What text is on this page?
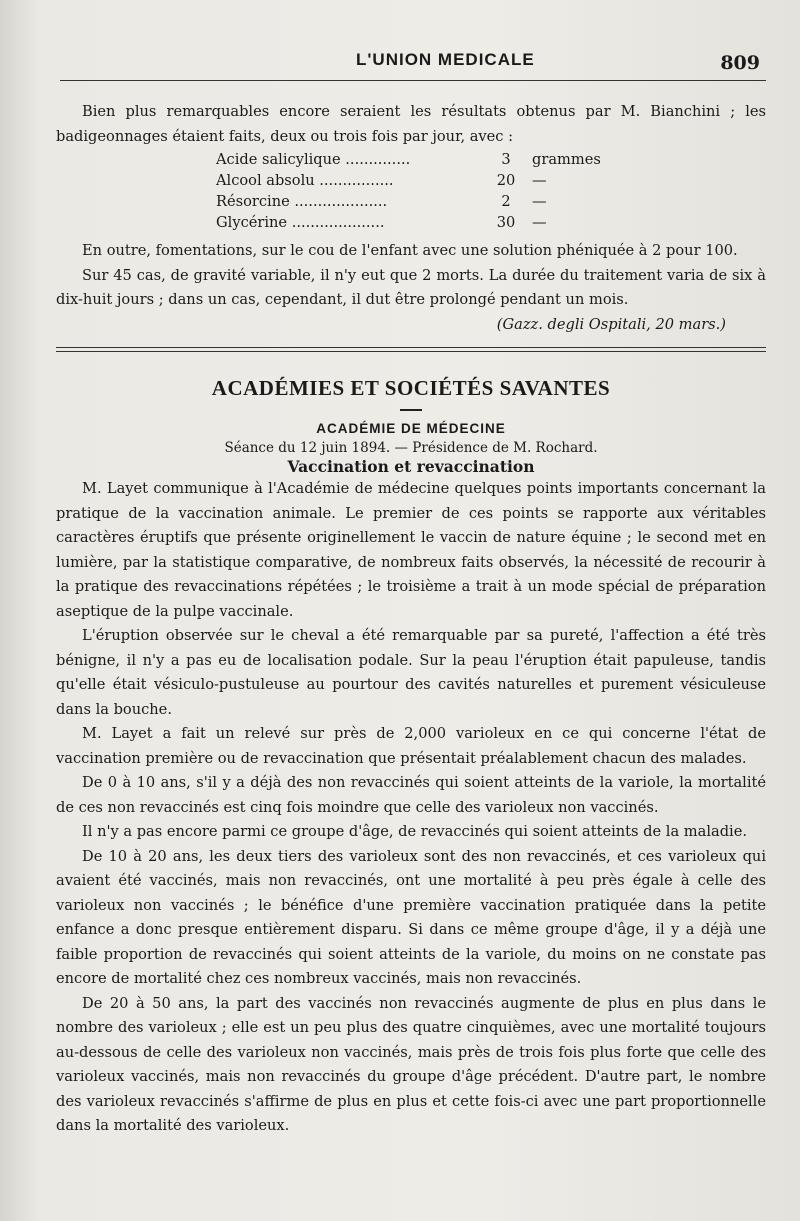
L'UNION MEDICALE	809

Bien plus remarquables encore seraient les résultats obtenus par M. Bianchini ; les badigeonnages étaient faits, deux ou trois fois par jour, avec :

Acide salicylique ..............	3	grammes
Alcool absolu ................	20	—
Résorcine ....................	2	—
Glycérine ....................	30	—

En outre, fomentations, sur le cou de l'enfant avec une solution phéniquée à 2 pour 100.

Sur 45 cas, de gravité variable, il n'y eut que 2 morts. La durée du traitement varia de six à dix-huit jours ; dans un cas, cependant, il dut être prolongé pendant un mois.

(Gazz. degli Ospitali, 20 mars.)

ACADÉMIES ET SOCIÉTÉS SAVANTES
ACADÉMIE DE MÉDECINE
Séance du 12 juin 1894. — Présidence de M. Rochard.
Vaccination et revaccination

M. Layet communique à l'Académie de médecine quelques points importants concernant la pratique de la vaccination animale. Le premier de ces points se rapporte aux véritables caractères éruptifs que présente originellement le vaccin de nature équine ; le second met en lumière, par la statistique comparative, de nombreux faits observés, la nécessité de recourir à la pratique des revaccinations répétées ; le troisième a trait à un mode spécial de préparation aseptique de la pulpe vaccinale.

L'éruption observée sur le cheval a été remarquable par sa pureté, l'affection a été très bénigne, il n'y a pas eu de localisation podale. Sur la peau l'éruption était papuleuse, tandis qu'elle était vésiculo-pustuleuse au pourtour des cavités naturelles et purement vésiculeuse dans la bouche.

M. Layet a fait un relevé sur près de 2,000 varioleux en ce qui concerne l'état de vaccination première ou de revaccination que présentait préalablement chacun des malades.

De 0 à 10 ans, s'il y a déjà des non revaccinés qui soient atteints de la variole, la mortalité de ces non revaccinés est cinq fois moindre que celle des varioleux non vaccinés.

Il n'y a pas encore parmi ce groupe d'âge, de revaccinés qui soient atteints de la maladie.

De 10 à 20 ans, les deux tiers des varioleux sont des non revaccinés, et ces varioleux qui avaient été vaccinés, mais non revaccinés, ont une mortalité à peu près égale à celle des varioleux non vaccinés ; le bénéfice d'une première vaccination pratiquée dans la petite enfance a donc presque entièrement disparu. Si dans ce même groupe d'âge, il y a déjà une faible proportion de revaccinés qui soient atteints de la variole, du moins on ne constate pas encore de mortalité chez ces nombreux vaccinés, mais non revaccinés.

De 20 à 50 ans, la part des vaccinés non revaccinés augmente de plus en plus dans le nombre des varioleux ; elle est un peu plus des quatre cinquièmes, avec une mortalité toujours au-dessous de celle des varioleux non vaccinés, mais près de trois fois plus forte que celle des varioleux vaccinés, mais non revaccinés du groupe d'âge précédent. D'autre part, le nombre des varioleux revaccinés s'affirme de plus en plus et cette fois-ci avec une part proportionnelle dans la mortalité des varioleux.
